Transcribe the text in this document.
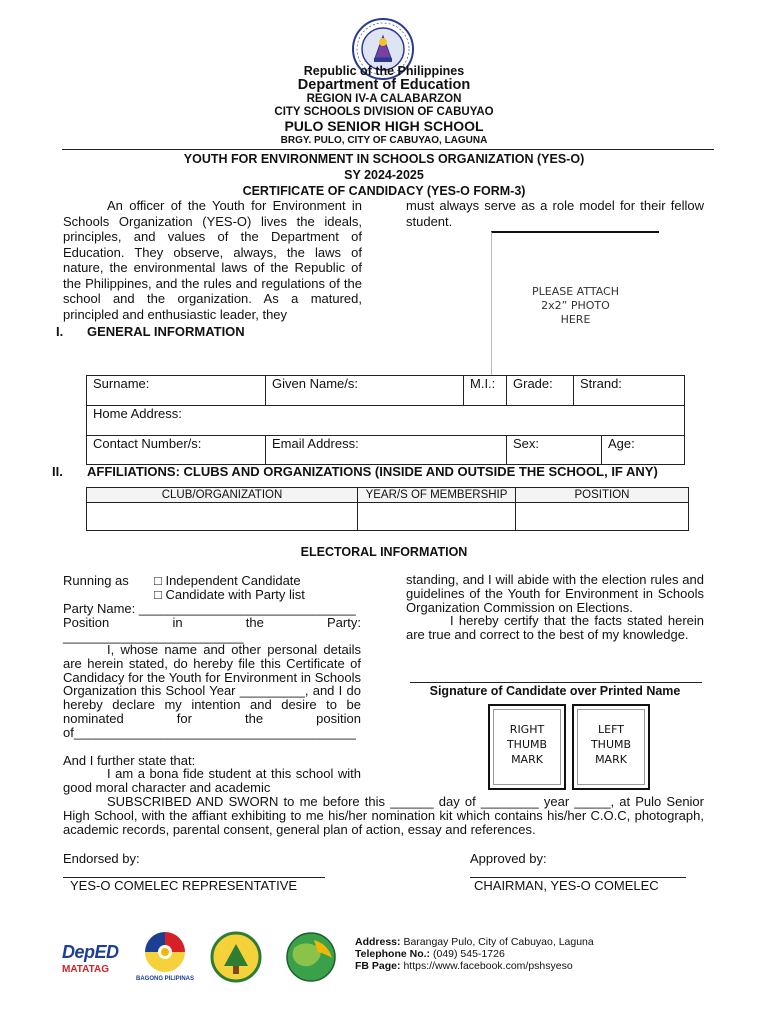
Republic of the Philippines
Department of Education
REGION IV-A CALABARZON
CITY SCHOOLS DIVISION OF CABUYAO
PULO SENIOR HIGH SCHOOL
BRGY. PULO, CITY OF CABUYAO, LAGUNA
YOUTH FOR ENVIRONMENT IN SCHOOLS ORGANIZATION (YES-O)
SY 2024-2025
CERTIFICATE OF CANDIDACY (YES-O FORM-3)
An officer of the Youth for Environment in Schools Organization (YES-O) lives the ideals, principles, and values of the Department of Education. They observe, always, the laws of nature, the environmental laws of the Republic of the Philippines, and the rules and regulations of the school and the organization. As a matured, principled and enthusiastic leader, they
must always serve as a role model for their fellow student.
PLEASE ATTACH
2x2” PHOTO
HERE
I. GENERAL INFORMATION
Surname:	Given Name/s:	M.I.:	Grade:	Strand:	
Home Address:					
Contact Number/s:	Email Address:		Sex:		Age:
II. AFFILIATIONS: CLUBS AND ORGANIZATIONS (INSIDE AND OUTSIDE THE SCHOOL, IF ANY)
CLUB/ORGANIZATION	YEAR/S OF MEMBERSHIP	POSITION

ELECTORAL INFORMATION
Running as □ Independent Candidate
□ Candidate with Party list
Party Name: ______________________________
Position	in	the	Party:
_________________________
I, whose name and other personal details are herein stated, do hereby file this Certificate of Candidacy for the Youth for Environment in Schools Organization this School Year _________, and I do hereby declare my intention and desire to be nominated for the position of_______________________________________
And I further state that:
I am a bona fide student at this school with good moral character and academic
standing, and I will abide with the election rules and guidelines of the Youth for Environment in Schools Organization Commission on Elections.
I hereby certify that the facts stated herein are true and correct to the best of my knowledge.
Signature of Candidate over Printed Name
RIGHT
THUMB
MARK
LEFT
THUMB
MARK
SUBSCRIBED AND SWORN to me before this ______ day of ________ year _____, at Pulo Senior High School, with the affiant exhibiting to me his/her nomination kit which contains his/her C.O.C, photograph, academic records, parental consent, general plan of action, essay and references.
Endorsed by:	Approved by:
YES-O COMELEC REPRESENTATIVE	CHAIRMAN, YES-O COMELEC
DepED
MATATAG
BAGONG PILIPINAS
Address: Barangay Pulo, City of Cabuyao, Laguna
Telephone No.: (049) 545-1726
FB Page: https://www.facebook.com/pshsyeso
